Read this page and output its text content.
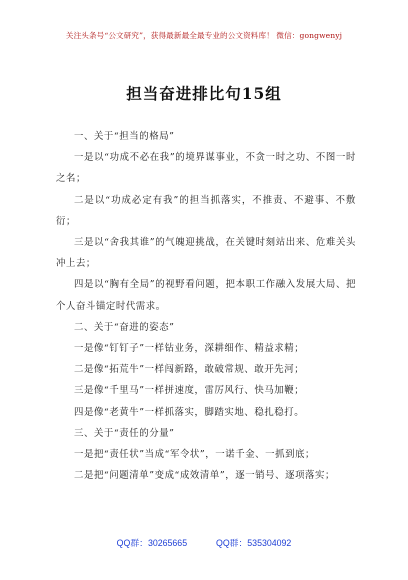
关注头条号“公文研究”，获得最新最全最专业的公文资料库！ 微信：gongwenyj
担当奋进排比句15组

一、关于“担当的格局”

一是以“功成不必在我”的境界谋事业，不贪一时之功、不图一时之名；

二是以“功成必定有我”的担当抓落实，不推责、不避事、不敷衍；

三是以“舍我其谁”的气魄迎挑战，在关键时刻站出来、危难关头冲上去；

四是以“胸有全局”的视野看问题，把本职工作融入发展大局、把个人奋斗锚定时代需求。

二、关于“奋进的姿态”

一是像“钉钉子”一样钻业务，深耕细作、精益求精；

二是像“拓荒牛”一样闯新路，敢破常规、敢开先河；

三是像“千里马”一样拼速度，雷厉风行、快马加鞭；

四是像“老黄牛”一样抓落实，脚踏实地、稳扎稳打。

三、关于“责任的分量”

一是把“责任状”当成“军令状”，一诺千金、一抓到底；

二是把“问题清单”变成“成效清单”，逐一销号、逐项落实；

QQ群：30265665	QQ群：535304092
